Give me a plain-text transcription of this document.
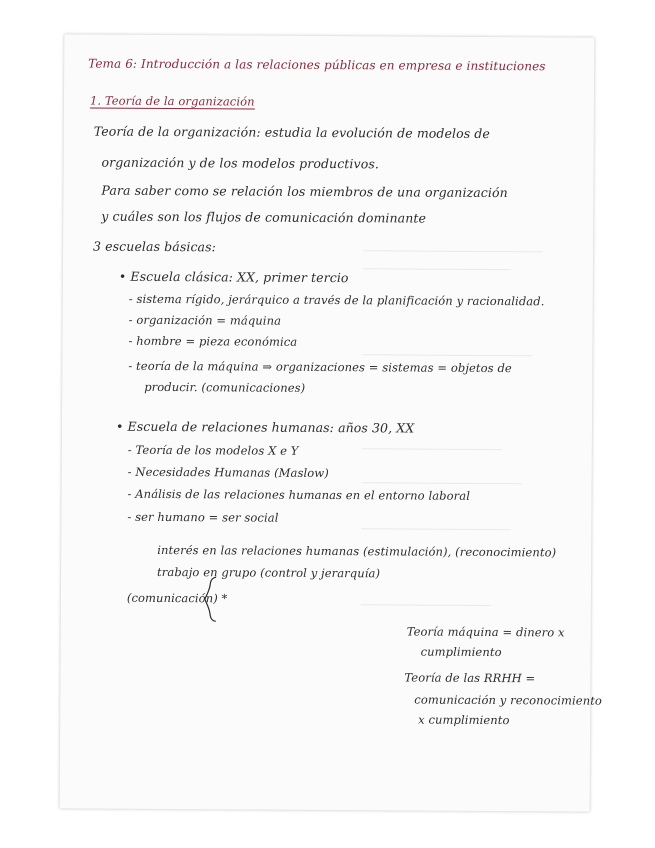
Tema 6: Introducción a las relaciones públicas en empresa e instituciones
1. Teoría de la organización
Teoría de la organización: estudia la evolución de modelos de
organización y de los modelos productivos.
Para saber como se relación los miembros de una organización
y cuáles son los flujos de comunicación dominante
3 escuelas básicas:
• Escuela clásica: XX, primer tercio
- sistema rígido, jerárquico a través de la planificación y racionalidad.
- organización = máquina
- hombre = pieza económica
- teoría de la máquina ⇒ organizaciones = sistemas = objetos de
producir. (comunicaciones)
• Escuela de relaciones humanas: años 30, XX
- Teoría de los modelos X e Y
- Necesidades Humanas (Maslow)
- Análisis de las relaciones humanas en el entorno laboral
- ser humano = ser social
interés en las relaciones humanas (estimulación), (reconocimiento)
trabajo en grupo (control y jerarquía)
(comunicación) *
Teoría máquina = dinero x
cumplimiento
Teoría de las RRHH =
comunicación y reconocimiento
x cumplimiento
